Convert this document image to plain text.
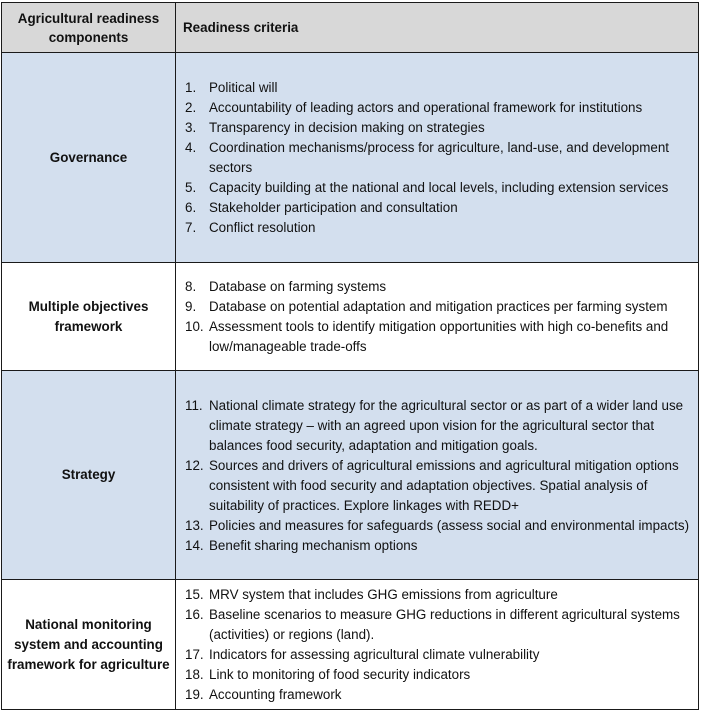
Agricultural readiness components	Readiness criteria
Governance	
1. Political will
2. Accountability of leading actors and operational framework for institutions
3. Transparency in decision making on strategies
4. Coordination mechanisms/process for agriculture, land-use, and development sectors
5. Capacity building at the national and local levels, including extension services
6. Stakeholder participation and consultation
7. Conflict resolution

Multiple objectives framework	
8. Database on farming systems
9. Database on potential adaptation and mitigation practices per farming system
10. Assessment tools to identify mitigation opportunities with high co-benefits and low/manageable trade-offs

Strategy	
11. National climate strategy for the agricultural sector or as part of a wider land use climate strategy – with an agreed upon vision for the agricultural sector that balances food security, adaptation and mitigation goals.
12. Sources and drivers of agricultural emissions and agricultural mitigation options consistent with food security and adaptation objectives. Spatial analysis of suitability of practices. Explore linkages with REDD+
13. Policies and measures for safeguards (assess social and environmental impacts)
14. Benefit sharing mechanism options

National monitoring system and accounting framework for agriculture	
15. MRV system that includes GHG emissions from agriculture
16. Baseline scenarios to measure GHG reductions in different agricultural systems (activities) or regions (land).
17. Indicators for assessing agricultural climate vulnerability
18. Link to monitoring of food security indicators
19. Accounting framework
